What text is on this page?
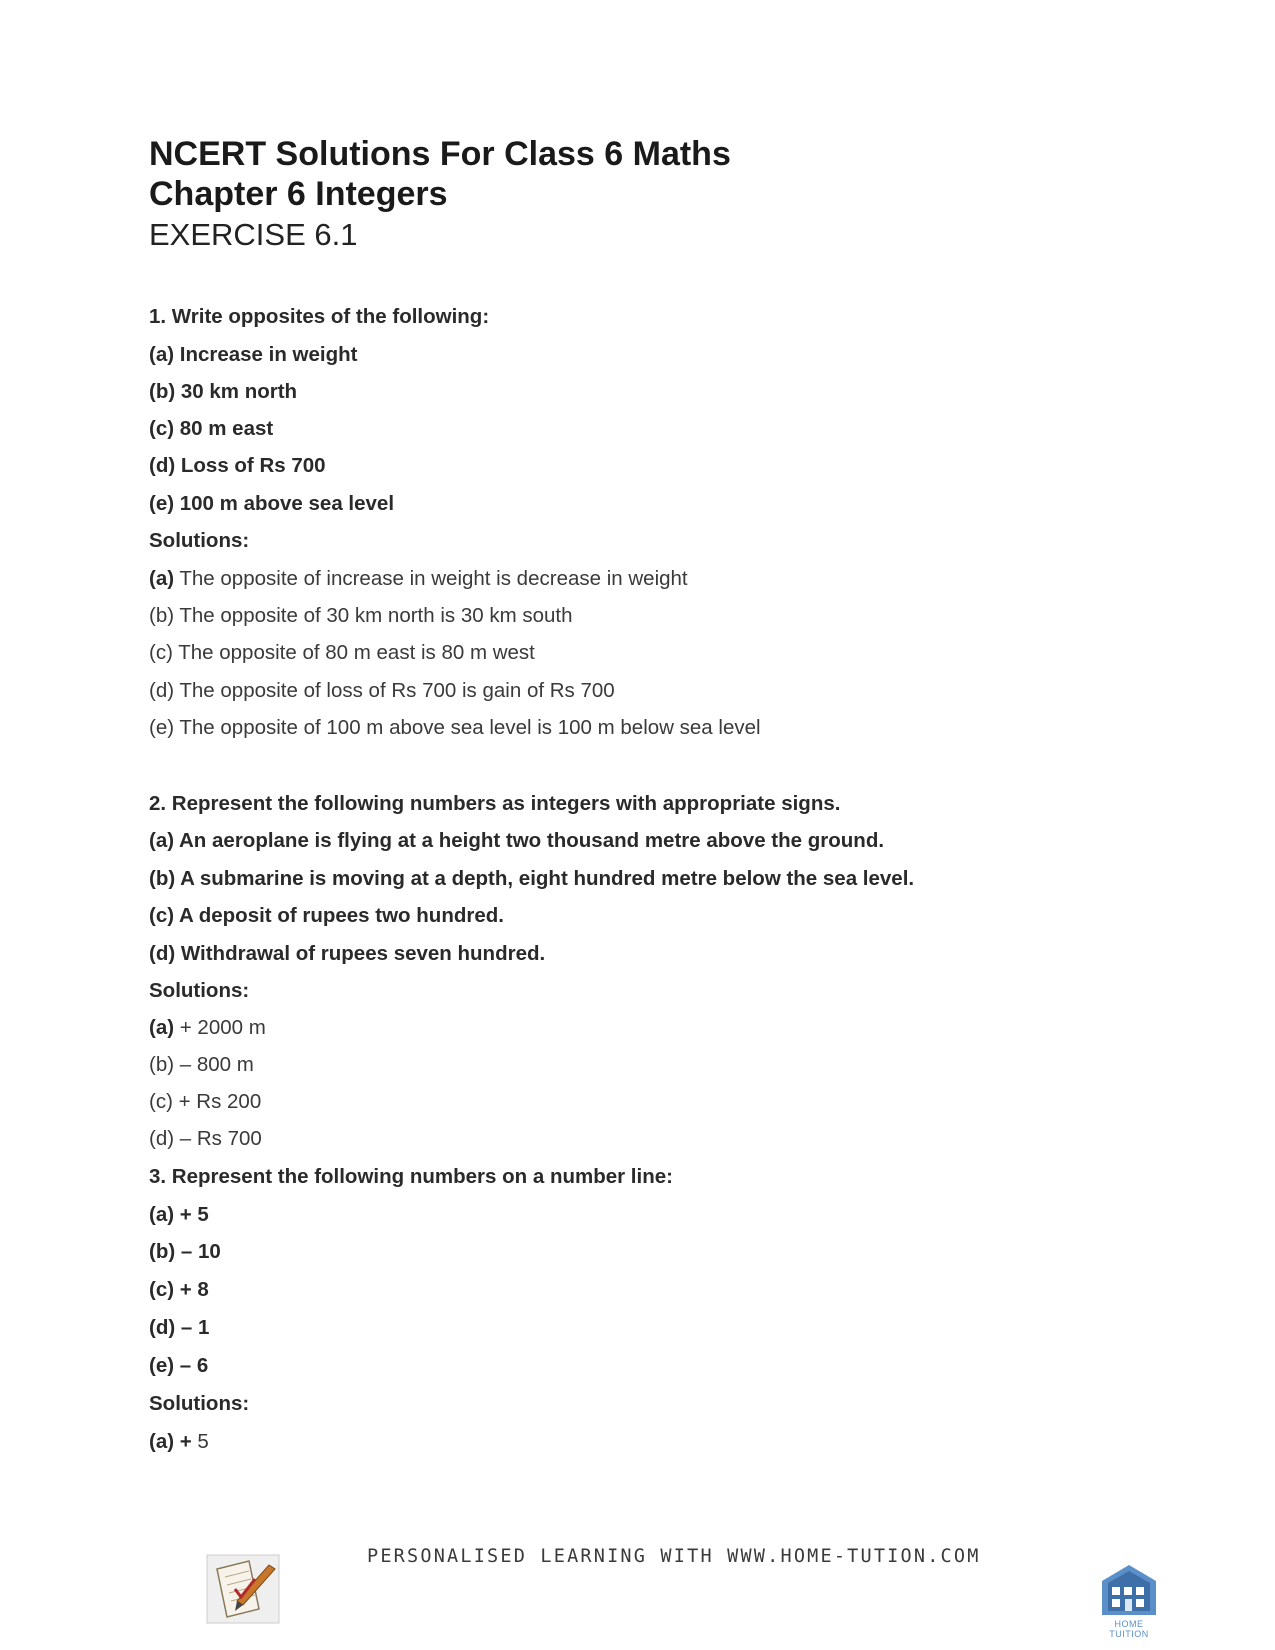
NCERT Solutions For Class 6 Maths
Chapter 6 Integers
EXERCISE 6.1
1. Write opposites of the following:
(a) Increase in weight
(b) 30 km north
(c) 80 m east
(d) Loss of Rs 700
(e) 100 m above sea level
Solutions:
(a) The opposite of increase in weight is decrease in weight
(b) The opposite of 30 km north is 30 km south
(c) The opposite of 80 m east is 80 m west
(d) The opposite of loss of Rs 700 is gain of Rs 700
(e) The opposite of 100 m above sea level is 100 m below sea level
2. Represent the following numbers as integers with appropriate signs.
(a) An aeroplane is flying at a height two thousand metre above the ground.
(b) A submarine is moving at a depth, eight hundred metre below the sea level.
(c) A deposit of rupees two hundred.
(d) Withdrawal of rupees seven hundred.
Solutions:
(a) + 2000 m
(b) – 800 m
(c) + Rs 200
(d) – Rs 700
3. Represent the following numbers on a number line:
(a) + 5
(b) – 10
(c) + 8
(d) – 1
(e) – 6
Solutions:
(a) + 5
PERSONALISED LEARNING WITH WWW.HOME-TUTION.COM
HOME TUITION
